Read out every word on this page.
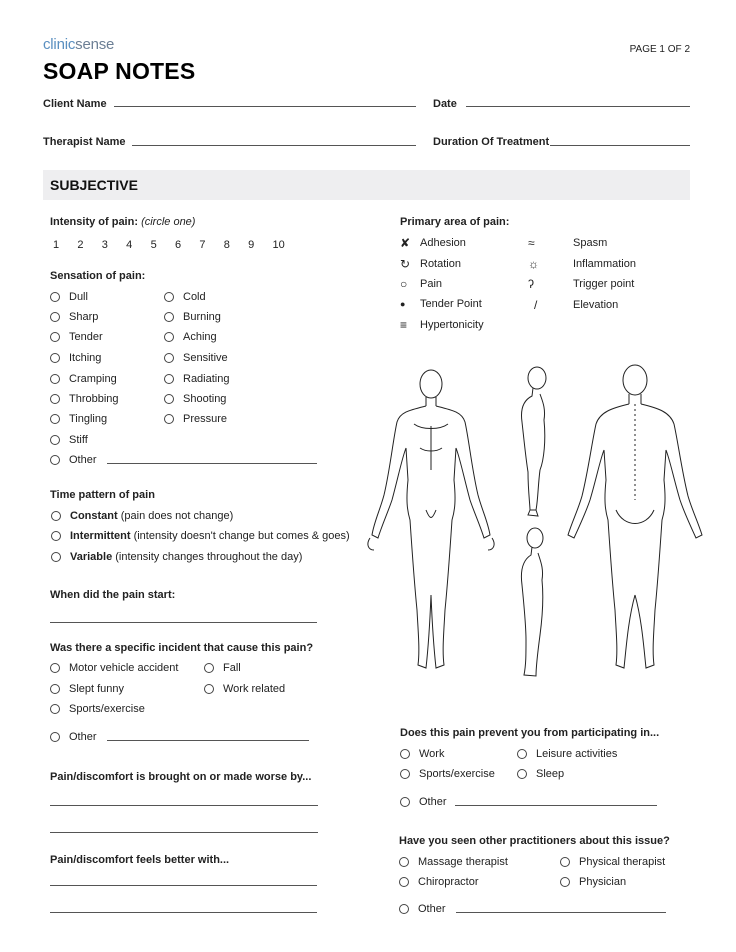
clinic sense	PAGE 1 OF 2
SOAP NOTES
Client Name	Date
Therapist Name	Duration Of Treatment
SUBJECTIVE
Intensity of pain: (circle one)
1	2	3	4	5	6	7	8	9	10
Sensation of pain:
Dull
Sharp
Tender
Itching
Cramping
Throbbing
Tingling
Stiff
Other
Cold
Burning
Aching
Sensitive
Radiating
Shooting
Pressure
Time pattern of pain
Constant
(pain does not change)
Intermittent
(intensity doesn't change but comes & goes)
Variable
(intensity changes throughout the day)
When did the pain start:
Was there a specific incident that cause this pain?
Motor vehicle accident
Slept funny
Sports/exercise
Other
Fall
Work related
Pain/discomfort is brought on or made worse by...
Pain/discomfort feels better with...
Primary area of pain:
✘ Adhesion
↻ Rotation
○	Pain
●	Tender Point
≡	Hypertonicity
≈	Spasm
☼	Inflammation
ʔ	Trigger point
/	Elevation
Does this pain prevent you from participating in...
Work
Sports/exercise
Other
Leisure activities
Sleep
Have you seen other practitioners about this issue?
Massage therapist
Chiropractor
Other
Physical therapist
Physician
